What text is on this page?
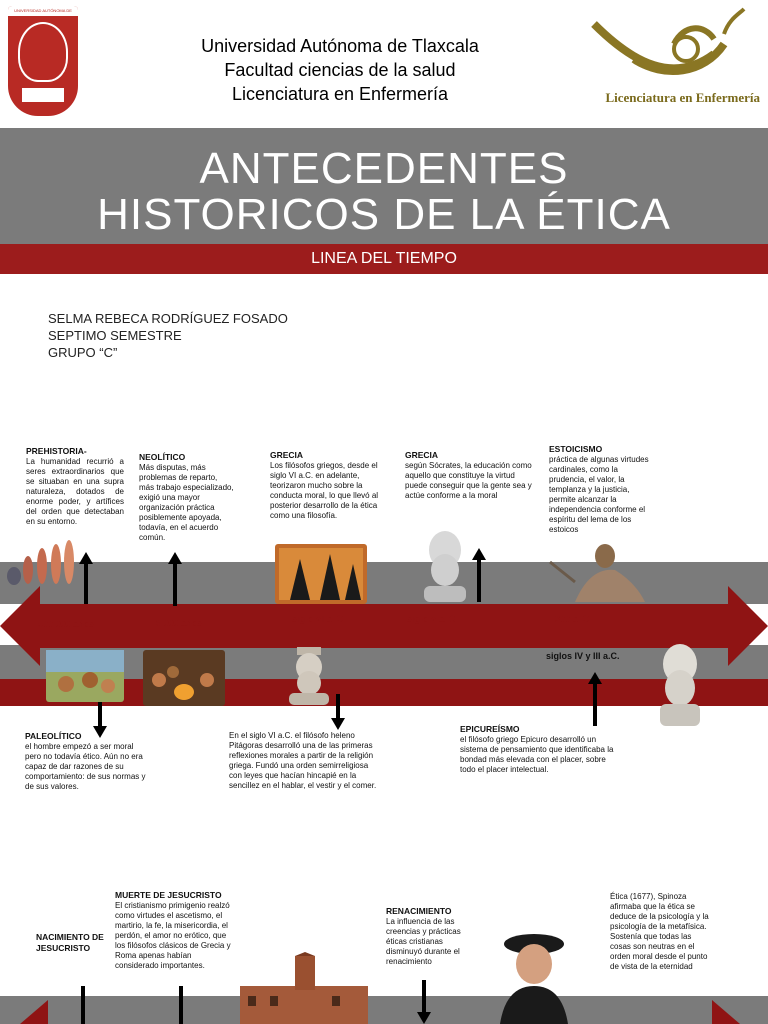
UNIVERSIDAD AUTÓNOMA DE TLAXCALA
Universidad Autónoma de Tlaxcala
Facultad ciencias de la salud
Licenciatura en Enfermería	Licenciatura en Enfermería
ANTECEDENTES
HISTORICOS DE LA ÉTICA
LINEA DEL TIEMPO
SELMA REBECA RODRÍGUEZ FOSADO
SEPTIMO SEMESTRE
GRUPO “C”
PREHISTORIA-
La humanidad recurrió a seres extraordinarios que se situaban en una supra naturaleza, dotados de enorme poder, y artífices del orden que detectaban en su entorno.
NEOLÍTICO
Más disputas, más problemas de reparto, más trabajo especializado, exigió una mayor organización práctica posiblemente apoyada, todavía, en el acuerdo común.
GRECIA
Los filósofos griegos, desde el siglo VI a.C. en adelante, teorizaron mucho sobre la conducta moral, lo que llevó al posterior desarrollo de la ética como una filosofía.
GRECIA
según Sócrates, la educación como aquello que constituye la virtud puede conseguir que la gente sea y actúe conforme a la moral
ESTOICISMO
práctica de algunas virtudes cardinales, como la prudencia, el valor, la templanza y la justicia, permite alcanzar la independencia conforme el espíritu del lema de los estoicos
500.000 años	6.000 años	siglo VI a. C	siglo V a. C	300 a. C
siglos IV y III a.C.
PALEOLÍTICO
el hombre empezó a ser moral pero no todavía ético. Aún no era capaz de dar razones de su comportamiento: de sus normas y de sus valores.
En el siglo VI a.C. el filósofo heleno Pitágoras desarrolló una de las primeras reflexiones morales a partir de la religión griega. Fundó una orden semirreligiosa con leyes que hacían hincapié en la sencillez en el hablar, el vestir y el comer.
EPICUREÍSMO
el filósofo griego Epicuro desarrolló un sistema de pensamiento que identificaba la bondad más elevada con el placer, sobre todo el placer intelectual.
NACIMIENTO DE JESUCRISTO
MUERTE DE JESUCRISTO
El cristianismo primigenio realzó como virtudes el ascetismo, el martirio, la fe, la misericordia, el perdón, el amor no erótico, que los filósofos clásicos de Grecia y Roma apenas habían considerado importantes.
RENACIMIENTO
La influencia de las creencias y prácticas éticas cristianas disminuyó durante el renacimiento
Ética (1677), Spinoza afirmaba que la ética se deduce de la psicología y la psicología de la metafísica. Sostenía que todas las cosas son neutras en el orden moral desde el punto de vista de la eternidad
